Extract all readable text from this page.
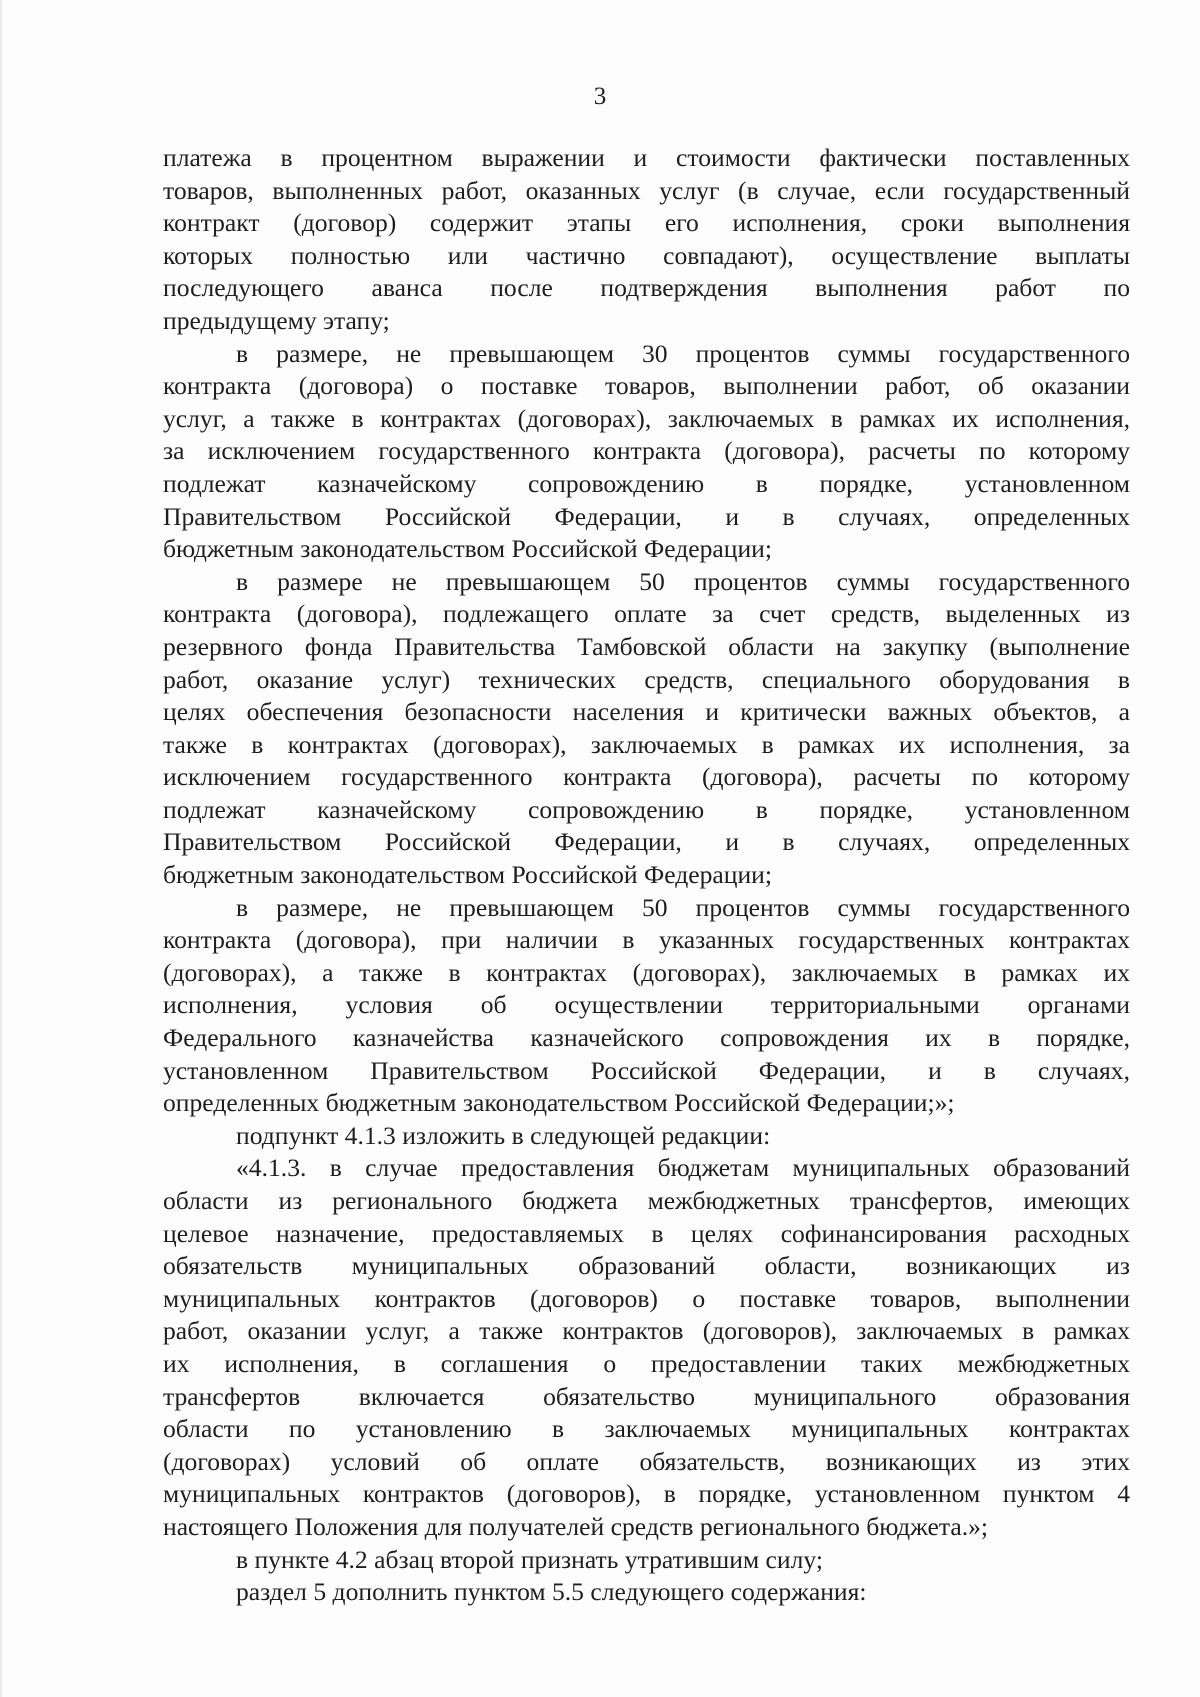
3
платежа в процентном выражении и стоимости фактически поставленных
товаров, выполненных работ, оказанных услуг (в случае, если государственный
контракт (договор) содержит этапы его исполнения, сроки выполнения
которых полностью или частично совпадают), осуществление выплаты
последующего аванса после подтверждения выполнения работ по
предыдущему этапу;
в размере, не превышающем 30 процентов суммы государственного
контракта (договора) о поставке товаров, выполнении работ, об оказании
услуг, а также в контрактах (договорах), заключаемых в рамках их исполнения,
за исключением государственного контракта (договора), расчеты по которому
подлежат казначейскому сопровождению в порядке, установленном
Правительством Российской Федерации, и в случаях, определенных
бюджетным законодательством Российской Федерации;
в размере не превышающем 50 процентов суммы государственного
контракта (договора), подлежащего оплате за счет средств, выделенных из
резервного фонда Правительства Тамбовской области на закупку (выполнение
работ, оказание услуг) технических средств, специального оборудования в
целях обеспечения безопасности населения и критически важных объектов, а
также в контрактах (договорах), заключаемых в рамках их исполнения, за
исключением государственного контракта (договора), расчеты по которому
подлежат казначейскому сопровождению в порядке, установленном
Правительством Российской Федерации, и в случаях, определенных
бюджетным законодательством Российской Федерации;
в размере, не превышающем 50 процентов суммы государственного
контракта (договора), при наличии в указанных государственных контрактах
(договорах), а также в контрактах (договорах), заключаемых в рамках их
исполнения, условия об осуществлении территориальными органами
Федерального казначейства казначейского сопровождения их в порядке,
установленном Правительством Российской Федерации, и в случаях,
определенных бюджетным законодательством Российской Федерации;»;
подпункт 4.1.3 изложить в следующей редакции:
«4.1.3. в случае предоставления бюджетам муниципальных образований
области из регионального бюджета межбюджетных трансфертов, имеющих
целевое назначение, предоставляемых в целях софинансирования расходных
обязательств муниципальных образований области, возникающих из
муниципальных контрактов (договоров) о поставке товаров, выполнении
работ, оказании услуг, а также контрактов (договоров), заключаемых в рамках
их исполнения, в соглашения о предоставлении таких межбюджетных
трансфертов включается обязательство муниципального образования
области по установлению в заключаемых муниципальных контрактах
(договорах) условий об оплате обязательств, возникающих из этих
муниципальных контрактов (договоров), в порядке, установленном пунктом 4
настоящего Положения для получателей средств регионального бюджета.»;
в пункте 4.2 абзац второй признать утратившим силу;
раздел 5 дополнить пунктом 5.5 следующего содержания:
